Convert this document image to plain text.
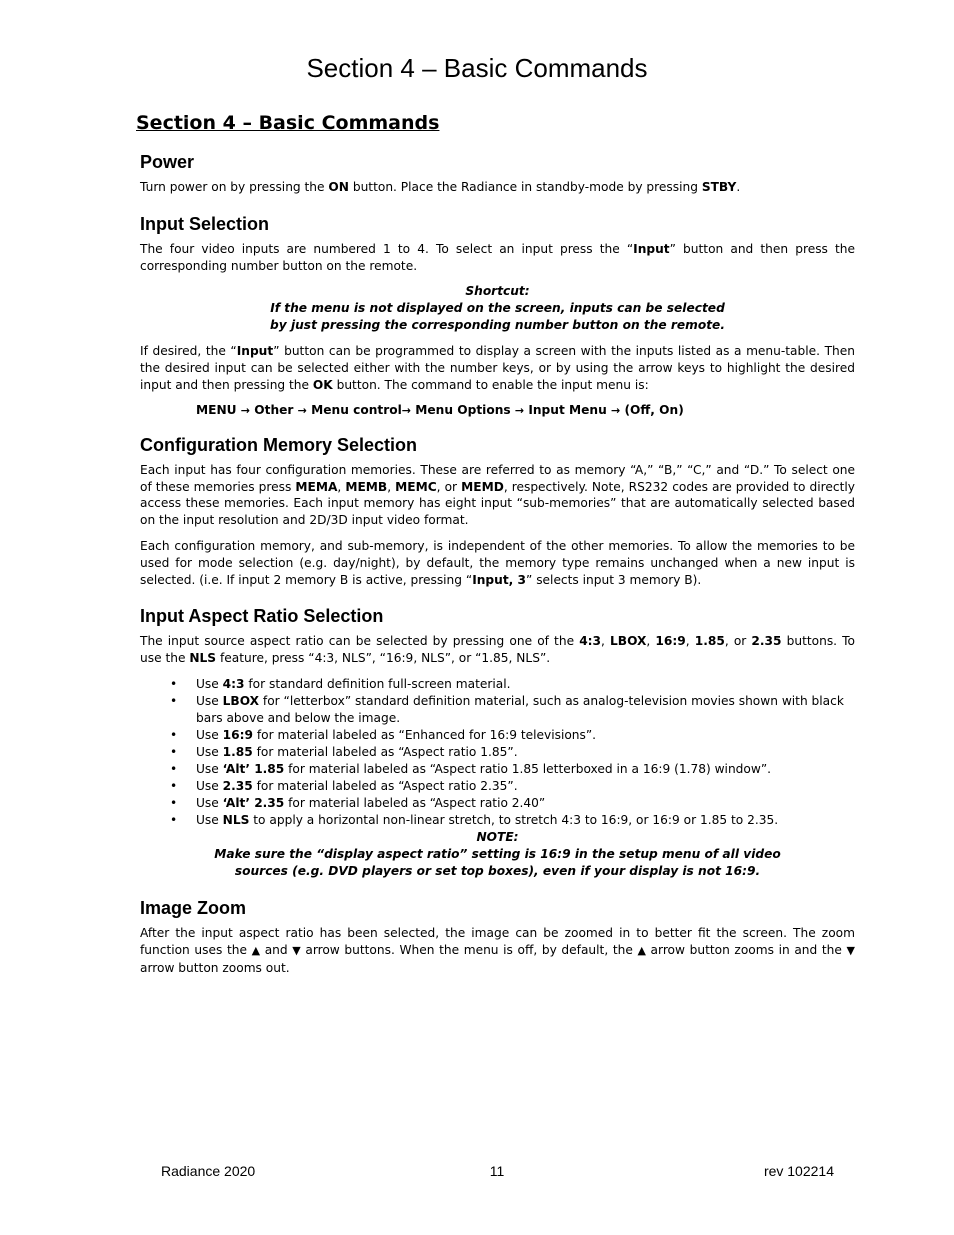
Section 4 – Basic Commands
Section 4 – Basic Commands
Power

Turn power on by pressing the ON button. Place the Radiance in standby-mode by pressing STBY.

Input Selection

The four video inputs are numbered 1 to 4. To select an input press the “Input” button and then press the corresponding number button on the remote.

Shortcut:
If the menu is not displayed on the screen, inputs can be selected
by just pressing the corresponding number button on the remote.

If desired, the “Input” button can be programmed to display a screen with the inputs listed as a menu-table. Then the desired input can be selected either with the number keys, or by using the arrow keys to highlight the desired input and then pressing the OK button. The command to enable the input menu is:

MENU → Other → Menu control→ Menu Options → Input Menu → (Off, On)
Configuration Memory Selection

Each input has four configuration memories. These are referred to as memory “A,” “B,” “C,” and “D.” To select one of these memories press MEMA, MEMB, MEMC, or MEMD, respectively. Note, RS232 codes are provided to directly access these memories. Each input memory has eight input “sub-memories” that are automatically selected based on the input resolution and 2D/3D input video format.

Each configuration memory, and sub-memory, is independent of the other memories. To allow the memories to be used for mode selection (e.g. day/night), by default, the memory type remains unchanged when a new input is selected. (i.e. If input 2 memory B is active, pressing “Input, 3” selects input 3 memory B).

Input Aspect Ratio Selection

The input source aspect ratio can be selected by pressing one of the 4:3, LBOX, 16:9, 1.85, or 2.35 buttons. To use the NLS feature, press “4:3, NLS”, “16:9, NLS”, or “1.85, NLS”.

• Use 4:3 for standard definition full-screen material.
• Use LBOX for “letterbox” standard definition material, such as analog-television movies shown with black bars above and below the image.
• Use 16:9 for material labeled as “Enhanced for 16:9 televisions”.
• Use 1.85 for material labeled as “Aspect ratio 1.85”.
• Use ‘Alt’ 1.85 for material labeled as “Aspect ratio 1.85 letterboxed in a 16:9 (1.78) window”.
• Use 2.35 for material labeled as “Aspect ratio 2.35”.
• Use ‘Alt’ 2.35 for material labeled as “Aspect ratio 2.40”
• Use NLS to apply a horizontal non-linear stretch, to stretch 4:3 to 16:9, or 16:9 or 1.85 to 2.35.
NOTE:
Make sure the “display aspect ratio” setting is 16:9 in the setup menu of all video
sources (e.g. DVD players or set top boxes), even if your display is not 16:9.
Image Zoom

After the input aspect ratio has been selected, the image can be zoomed in to better fit the screen. The zoom function uses the ▲ and ▼ arrow buttons. When the menu is off, by default, the ▲ arrow button zooms in and the ▼ arrow button zooms out.

Radiance 2020	11	rev 102214
